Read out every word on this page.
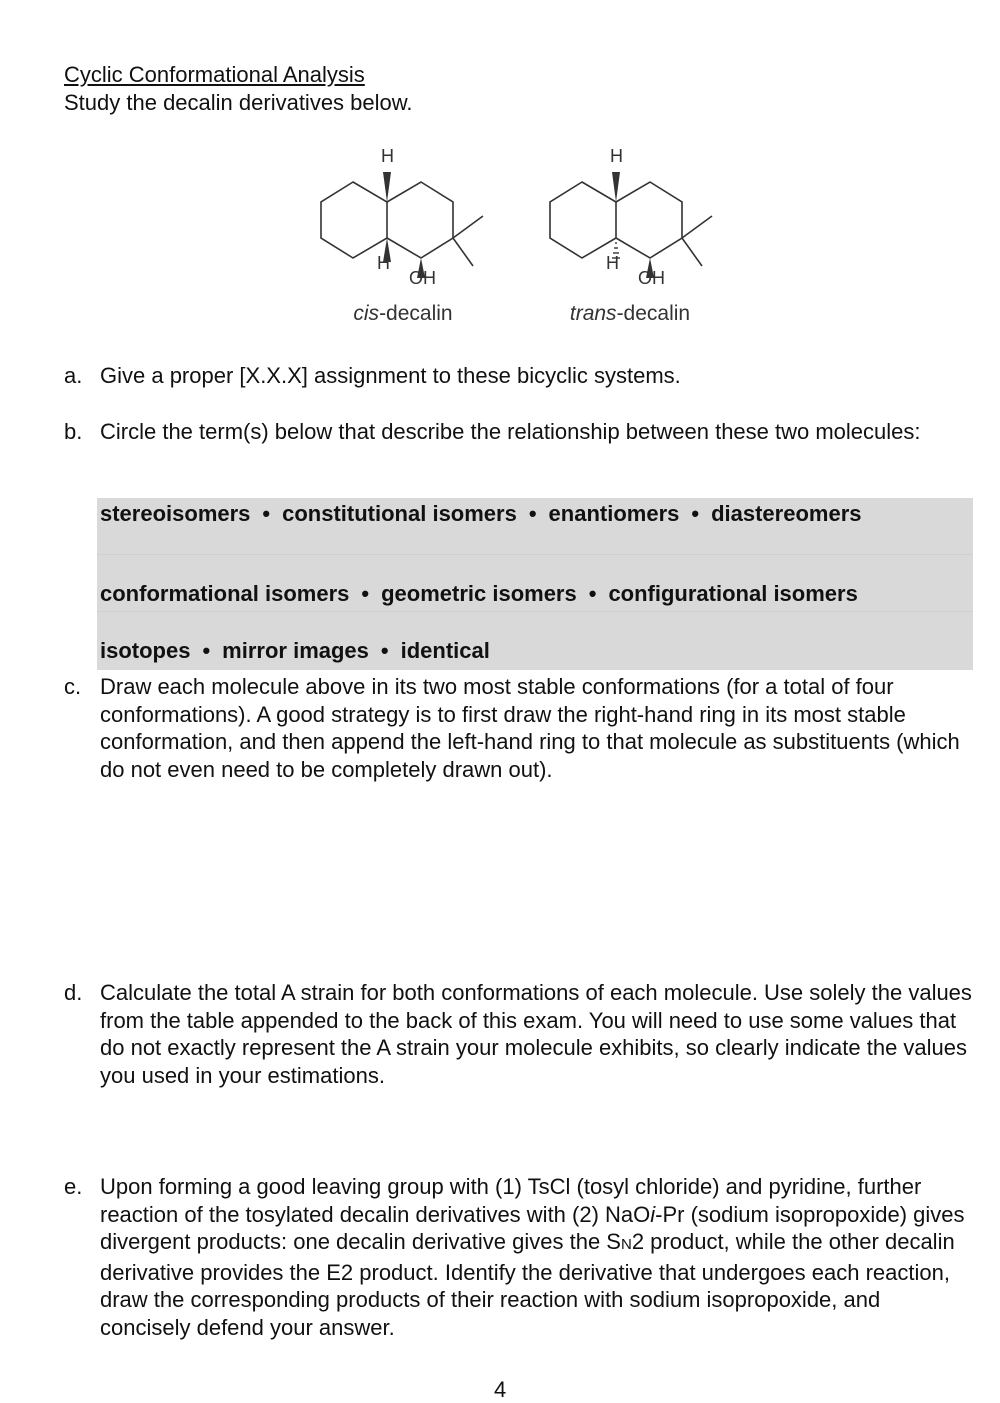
Cyclic Conformational Analysis
Study the decalin derivatives below.
H
H
OH
cis-decalin
H
H
OH
trans-decalin
a. Give a proper [X.X.X] assignment to these bicyclic systems.
b. Circle the term(s) below that describe the relationship between these two molecules:
stereoisomers • constitutional isomers • enantiomers • diastereomers
conformational isomers • geometric isomers • configurational isomers
isotopes • mirror images • identical
c. Draw each molecule above in its two most stable conformations (for a total of four conformations). A good strategy is to first draw the right-hand ring in its most stable conformation, and then append the left-hand ring to that molecule as substituents (which do not even need to be completely drawn out).
d. Calculate the total A strain for both conformations of each molecule. Use solely the values from the table appended to the back of this exam. You will need to use some values that do not exactly represent the A strain your molecule exhibits, so clearly indicate the values you used in your estimations.
e. Upon forming a good leaving group with (1) TsCl (tosyl chloride) and pyridine, further reaction of the tosylated decalin derivatives with (2) NaOi-Pr (sodium isopropoxide) gives divergent products: one decalin derivative gives the SN2 product, while the other decalin derivative provides the E2 product. Identify the derivative that undergoes each reaction, draw the corresponding products of their reaction with sodium isopropoxide, and concisely defend your answer.
4
